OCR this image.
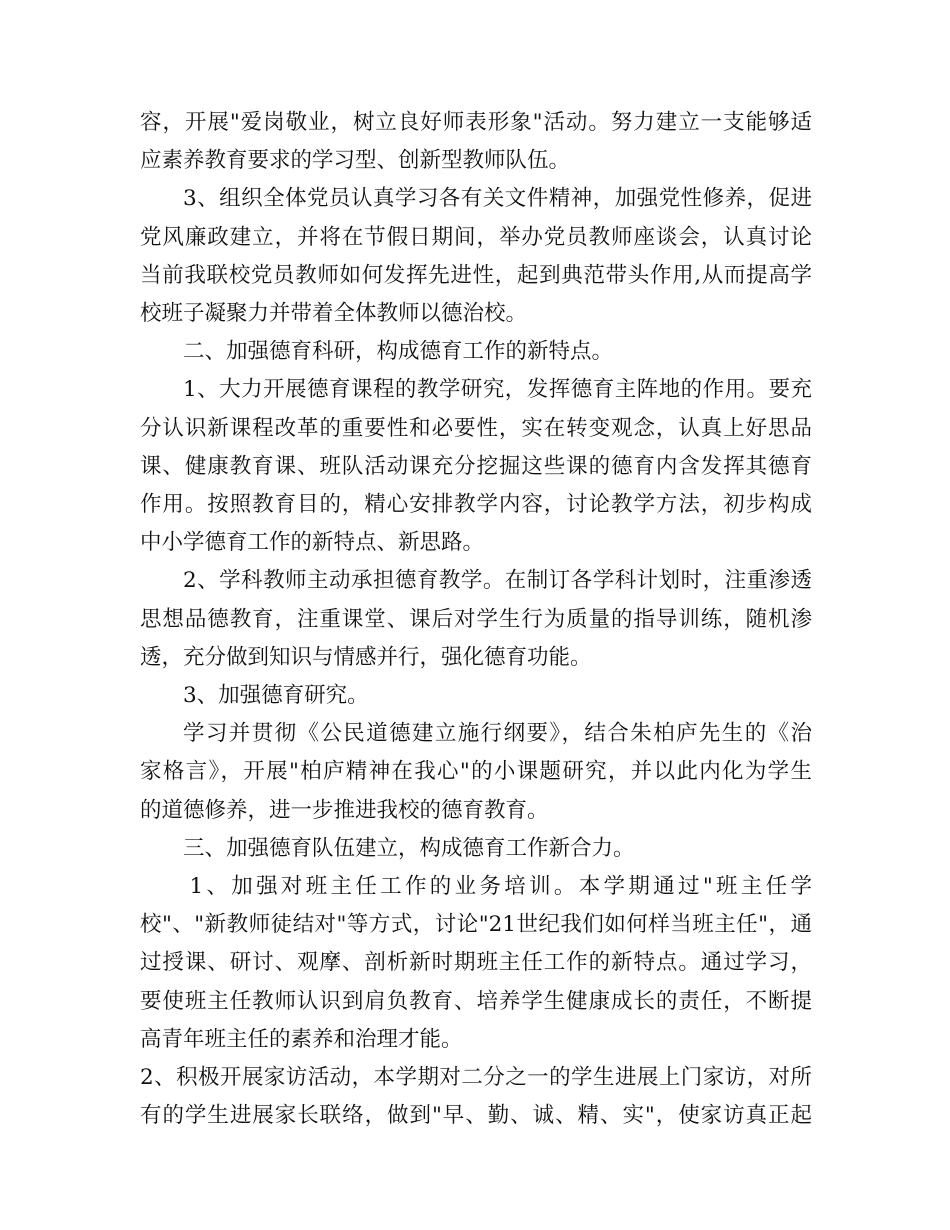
容，开展"爱岗敬业，树立良好师表形象"活动。努力建立一支能够适
应素养教育要求的学习型、创新型教师队伍。

3、组织全体党员认真学习各有关文件精神，加强党性修养，促进
党风廉政建立，并将在节假日期间，举办党员教师座谈会，认真讨论
当前我联校党员教师如何发挥先进性，起到典范带头作用,从而提高学
校班子凝聚力并带着全体教师以德治校。

二、加强德育科研，构成德育工作的新特点。

1、大力开展德育课程的教学研究，发挥德育主阵地的作用。要充
分认识新课程改革的重要性和必要性，实在转变观念，认真上好思品
课、健康教育课、班队活动课充分挖掘这些课的德育内含发挥其德育
作用。按照教育目的，精心安排教学内容，讨论教学方法，初步构成
中小学德育工作的新特点、新思路。

2、学科教师主动承担德育教学。在制订各学科计划时，注重渗透
思想品德教育，注重课堂、课后对学生行为质量的指导训练，随机渗
透，充分做到知识与情感并行，强化德育功能。

3、加强德育研究。

学习并贯彻《公民道德建立施行纲要》，结合朱柏庐先生的《治
家格言》，开展"柏庐精神在我心"的小课题研究，并以此内化为学生
的道德修养，进一步推进我校的德育教育。

三、加强德育队伍建立，构成德育工作新合力。

1、加强对班主任工作的业务培训。本学期通过"班主任学
校"、"新教师徒结对"等方式，讨论"21世纪我们如何样当班主任"，通
过授课、研讨、观摩、剖析新时期班主任工作的新特点。通过学习，
要使班主任教师认识到肩负教育、培养学生健康成长的责任，不断提
高青年班主任的素养和治理才能。

2、积极开展家访活动，本学期对二分之一的学生进展上门家访，对所
有的学生进展家长联络，做到"早、勤、诚、精、实"，使家访真正起
